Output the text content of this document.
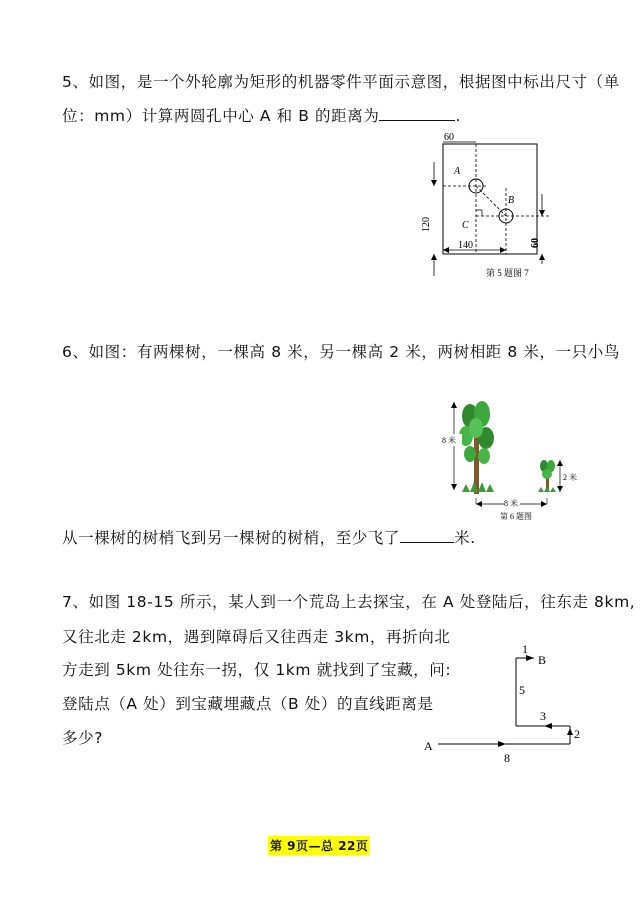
5、如图，是一个外轮廓为矩形的机器零件平面示意图，根据图中标出尺寸（单
位：mm）计算两圆孔中心 A 和 B 的距离为	.
60
A
B
C
120
60
140
第 5 题图 7
6、如图：有两棵树，一棵高 8 米，另一棵高 2 米，两树相距 8 米，一只小鸟
8 米
2 米
8 米
第 6 题图
从一棵树的树梢飞到另一棵树的树梢，至少飞了	米.
7、如图 18-15 所示，某人到一个荒岛上去探宝，在 A 处登陆后，往东走 8km,
又往北走 2km，遇到障碍后又往西走 3km，再折向北
方走到 5km 处往东一拐，仅 1km 就找到了宝藏，问:
登陆点（A 处）到宝藏埋藏点（B 处）的直线距离是
多少?	A
B
8
2
3
5
1
第 9页—总 22页
